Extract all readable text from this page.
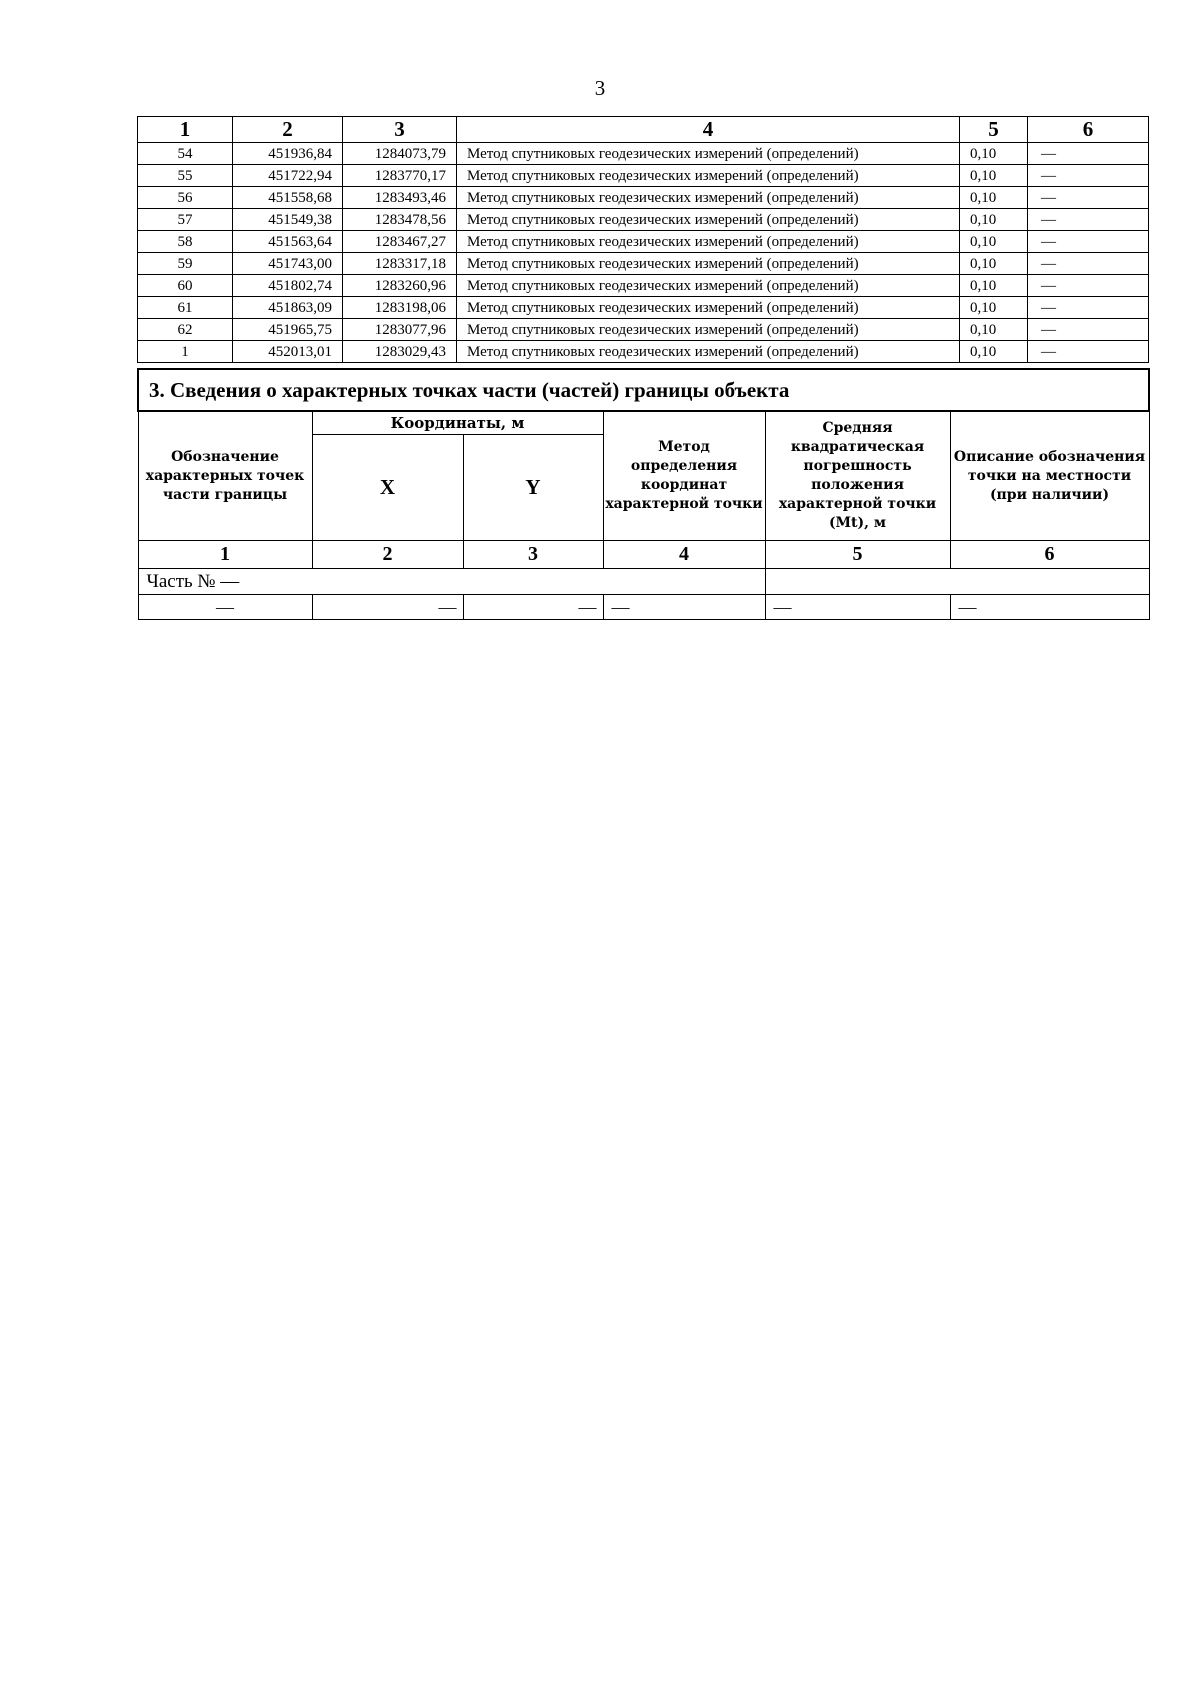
3
1	2	3	4	5	6
54	451936,84	1284073,79	Метод спутниковых геодезических измерений (определений)	0,10	—
55	451722,94	1283770,17	Метод спутниковых геодезических измерений (определений)	0,10	—
56	451558,68	1283493,46	Метод спутниковых геодезических измерений (определений)	0,10	—
57	451549,38	1283478,56	Метод спутниковых геодезических измерений (определений)	0,10	—
58	451563,64	1283467,27	Метод спутниковых геодезических измерений (определений)	0,10	—
59	451743,00	1283317,18	Метод спутниковых геодезических измерений (определений)	0,10	—
60	451802,74	1283260,96	Метод спутниковых геодезических измерений (определений)	0,10	—
61	451863,09	1283198,06	Метод спутниковых геодезических измерений (определений)	0,10	—
62	451965,75	1283077,96	Метод спутниковых геодезических измерений (определений)	0,10	—
1	452013,01	1283029,43	Метод спутниковых геодезических измерений (определений)	0,10	—
3. Сведения о характерных точках части (частей) границы объекта					
Обозначение характерных точек части границы	Координаты, м		Метод определения координат характерной точки	Средняя квадратическая погрешность положения характерной точки (Mt), м	Описание обозначения точки на местности (при наличии)
	X	Y			
1	2	3	4	5	6
Часть № —					
—	—	—	—	—	—
